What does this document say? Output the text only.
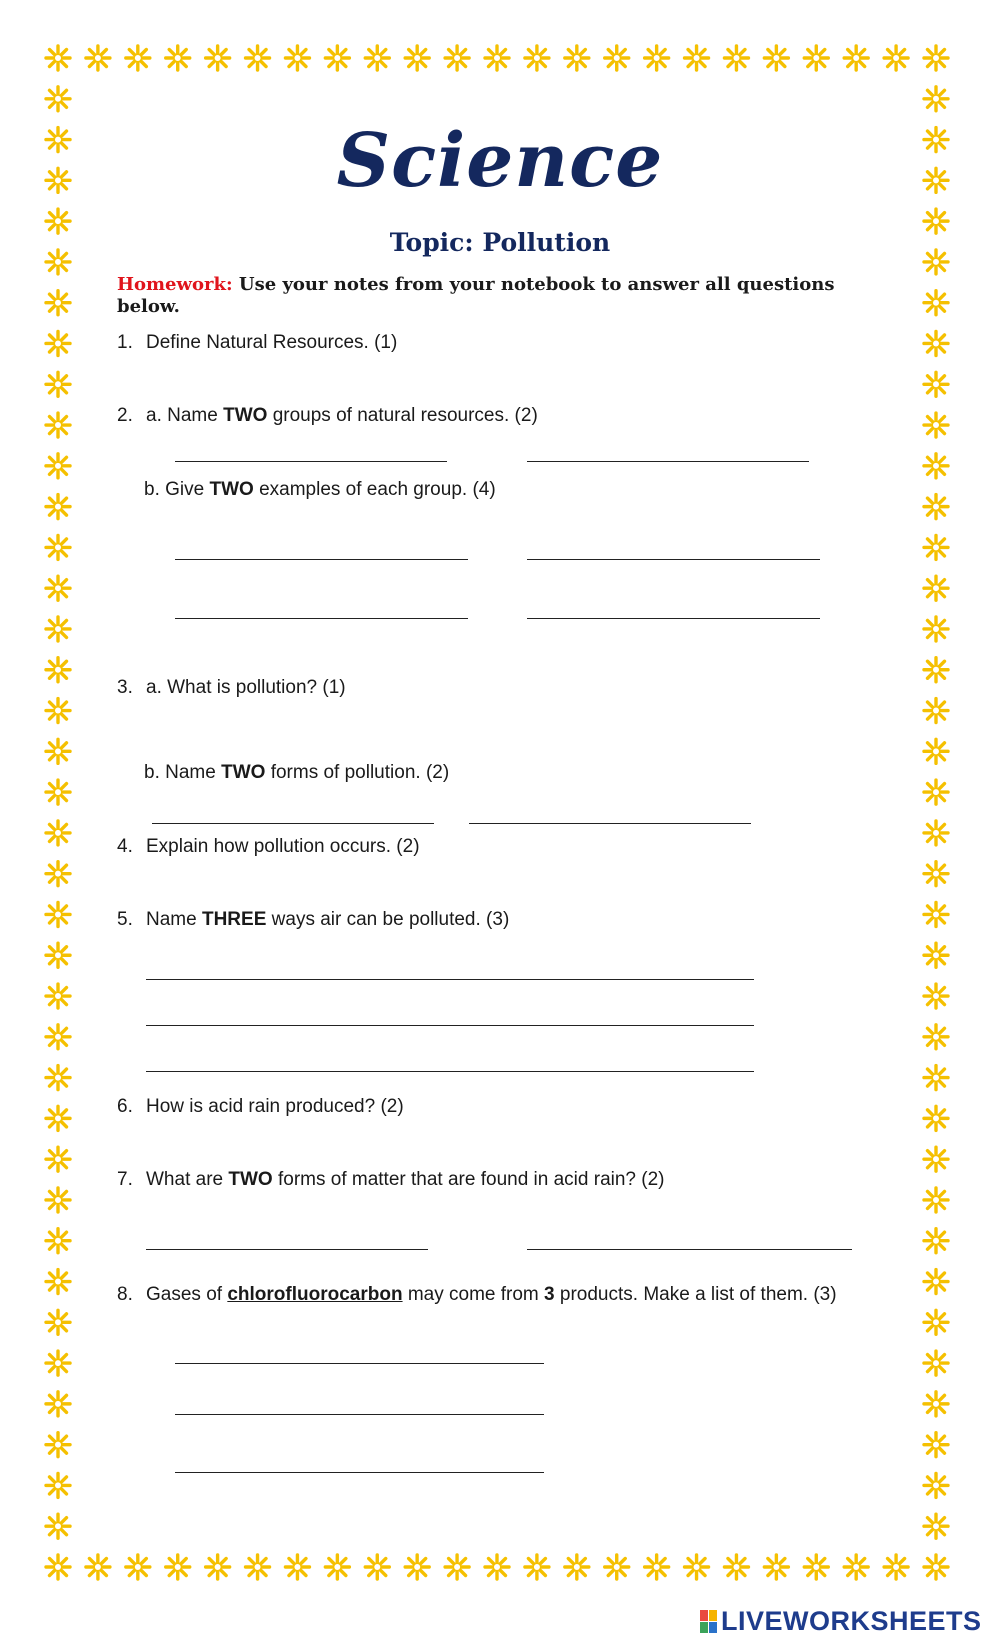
Science
Topic: Pollution
Homework: Use your notes from your notebook to answer all questions below.
1. Define Natural Resources. (1)
2. a. Name TWO groups of natural resources. (2)
b. Give TWO examples of each group. (4)
3. a. What is pollution? (1)
b. Name TWO forms of pollution. (2)
4. Explain how pollution occurs. (2)
5. Name THREE ways air can be polluted. (3)
6. How is acid rain produced? (2)
7. What are TWO forms of matter that are found in acid rain? (2)
8. Gases of chlorofluorocarbon may come from 3 products. Make a list of them. (3)
LIVEWORKSHEETS
